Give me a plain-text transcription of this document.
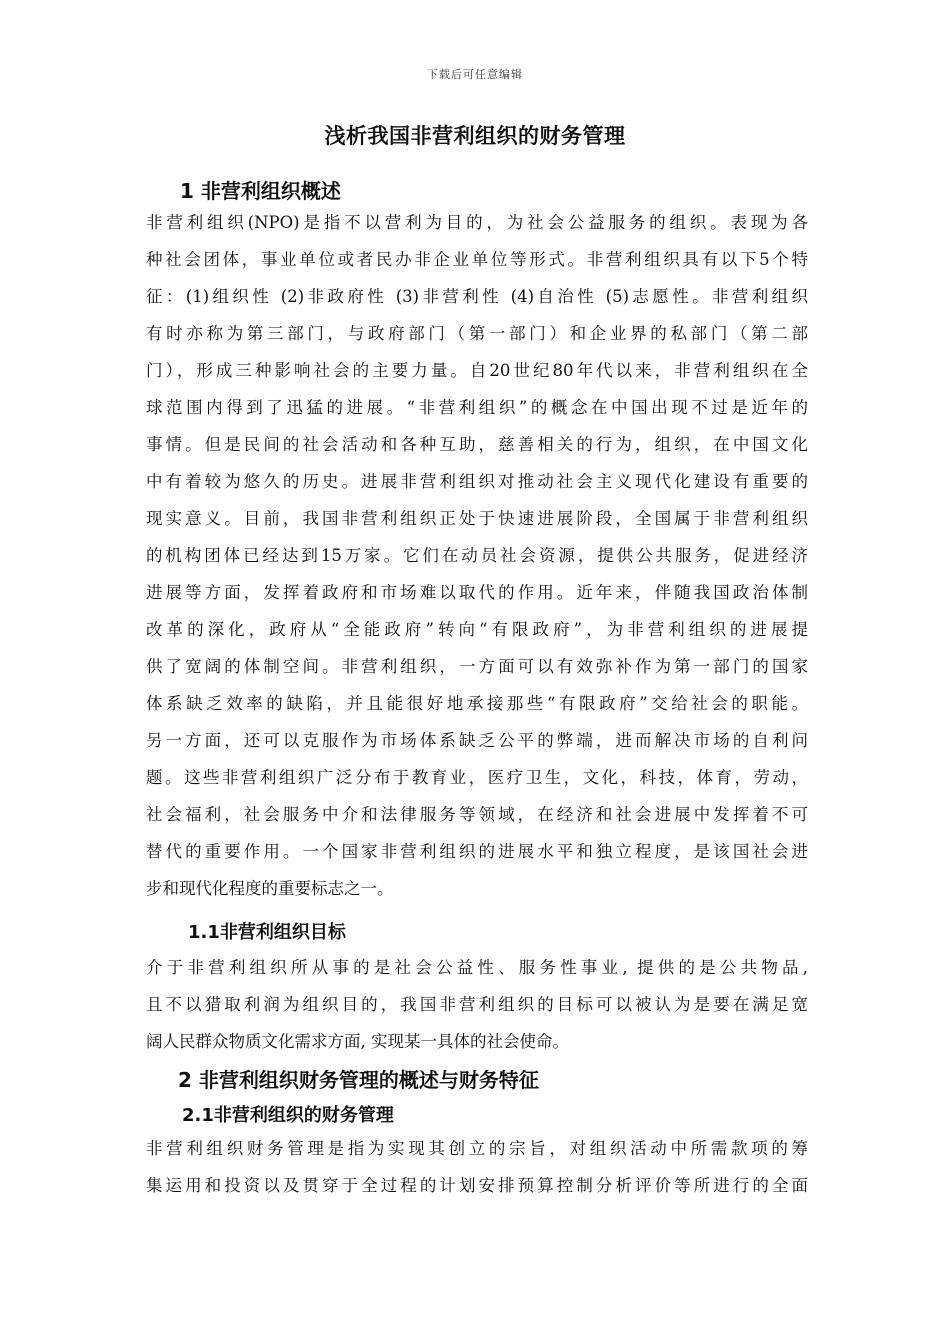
下载后可任意编辑
浅析我国非营利组织的财务管理
1 非营利组织概述
非营利组织(NPO)是指不以营利为目的，为社会公益服务的组织。表现为各
种社会团体，事业单位或者民办非企业单位等形式。非营利组织具有以下5个特
征：(1)组织性 (2)非政府性 (3)非营利性 (4)自治性 (5)志愿性。非营利组织
有时亦称为第三部门，与政府部门（第一部门）和企业界的私部门（第二部
门），形成三种影响社会的主要力量。自20世纪80年代以来，非营利组织在全
球范围内得到了迅猛的进展。“非营利组织”的概念在中国出现不过是近年的
事情。但是民间的社会活动和各种互助，慈善相关的行为，组织，在中国文化
中有着较为悠久的历史。进展非营利组织对推动社会主义现代化建设有重要的
现实意义。目前，我国非营利组织正处于快速进展阶段，全国属于非营利组织
的机构团体已经达到15万家。它们在动员社会资源，提供公共服务，促进经济
进展等方面，发挥着政府和市场难以取代的作用。近年来，伴随我国政治体制
改革的深化，政府从“全能政府”转向“有限政府”，为非营利组织的进展提
供了宽阔的体制空间。非营利组织，一方面可以有效弥补作为第一部门的国家
体系缺乏效率的缺陷，并且能很好地承接那些“有限政府”交给社会的职能。
另一方面，还可以克服作为市场体系缺乏公平的弊端，进而解决市场的自利问
题。这些非营利组织广泛分布于教育业，医疗卫生，文化，科技，体育，劳动，
社会福利，社会服务中介和法律服务等领域，在经济和社会进展中发挥着不可
替代的重要作用。一个国家非营利组织的进展水平和独立程度，是该国社会进
步和现代化程度的重要标志之一。
1.1非营利组织目标
介于非营利组织所从事的是社会公益性、服务性事业, 提供的是公共物品,
且不以猎取利润为组织目的，我国非营利组织的目标可以被认为是要在满足宽
阔人民群众物质文化需求方面, 实现某一具体的社会使命。
2 非营利组织财务管理的概述与财务特征
2.1非营利组织的财务管理
非营利组织财务管理是指为实现其创立的宗旨，对组织活动中所需款项的筹
集运用和投资以及贯穿于全过程的计划安排预算控制分析评价等所进行的全面
